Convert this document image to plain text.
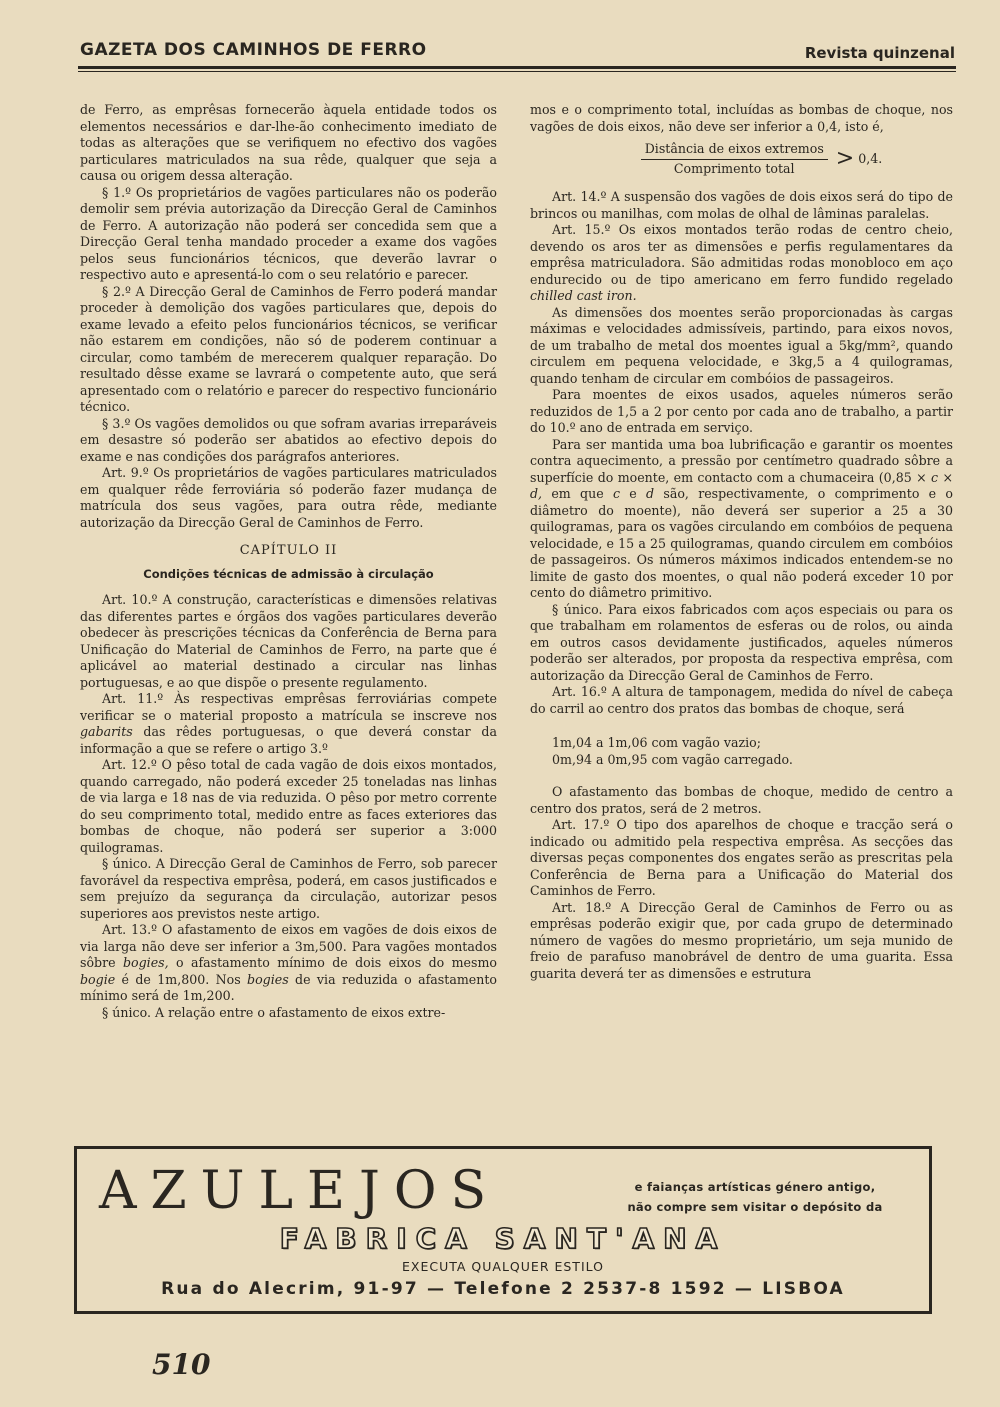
GAZETA DOS CAMINHOS DE FERRO	Revista quinzenal

de Ferro, as emprêsas fornecerão àquela entidade todos os elementos necessários e dar-lhe-ão conhecimento imediato de todas as alterações que se verifiquem no efectivo dos vagões particulares matriculados na sua rêde, qualquer que seja a causa ou origem dessa alteração.

§ 1.º Os proprietários de vagões particulares não os poderão demolir sem prévia autorização da Direcção Geral de Caminhos de Ferro. A autorização não poderá ser concedida sem que a Direcção Geral tenha mandado proceder a exame dos vagões pelos seus funcionários técnicos, que deverão lavrar o respectivo auto e apresentá-lo com o seu relatório e parecer.

§ 2.º A Direcção Geral de Caminhos de Ferro poderá mandar proceder à demolição dos vagões particulares que, depois do exame levado a efeito pelos funcionários técnicos, se verificar não estarem em condições, não só de poderem continuar a circular, como também de merecerem qualquer reparação. Do resultado dêsse exame se lavrará o competente auto, que será apresentado com o relatório e parecer do respectivo funcionário técnico.

§ 3.º Os vagões demolidos ou que sofram avarias irreparáveis em desastre só poderão ser abatidos ao efectivo depois do exame e nas condições dos parágrafos anteriores.

Art. 9.º Os proprietários de vagões particulares matriculados em qualquer rêde ferroviária só poderão fazer mudança de matrícula dos seus vagões, para outra rêde, mediante autorização da Direcção Geral de Caminhos de Ferro.

CAPÍTULO II

Condições técnicas de admissão à circulação

Art. 10.º A construção, características e dimensões relativas das diferentes partes e órgãos dos vagões particulares deverão obedecer às prescrições técnicas da Conferência de Berna para Unificação do Material de Caminhos de Ferro, na parte que é aplicável ao material destinado a circular nas linhas portuguesas, e ao que dispõe o presente regulamento.

Art. 11.º Às respectivas emprêsas ferroviárias compete verificar se o material proposto a matrícula se inscreve nos gabarits das rêdes portuguesas, o que deverá constar da informação a que se refere o artigo 3.º

Art. 12.º O pêso total de cada vagão de dois eixos montados, quando carregado, não poderá exceder 25 toneladas nas linhas de via larga e 18 nas de via reduzida. O pêso por metro corrente do seu comprimento total, medido entre as faces exteriores das bombas de choque, não poderá ser superior a 3:000 quilogramas.

§ único. A Direcção Geral de Caminhos de Ferro, sob parecer favorável da respectiva emprêsa, poderá, em casos justificados e sem prejuízo da segurança da circulação, autorizar pesos superiores aos previstos neste artigo.

Art. 13.º O afastamento de eixos em vagões de dois eixos de via larga não deve ser inferior a 3m,500. Para vagões montados sôbre bogies, o afastamento mínimo de dois eixos do mesmo bogie é de 1m,800. Nos bogies de via reduzida o afastamento mínimo será de 1m,200.

§ único. A relação entre o afastamento de eixos extre-

mos e o comprimento total, incluídas as bombas de choque, nos vagões de dois eixos, não deve ser inferior a 0,4, isto é,

$\frac{\text{Distância de eixos extremos}}{\text{Comprimento total}} > 0,4$.

Art. 14.º A suspensão dos vagões de dois eixos será do tipo de brincos ou manilhas, com molas de olhal de lâminas paralelas.

Art. 15.º Os eixos montados terão rodas de centro cheio, devendo os aros ter as dimensões e perfis regulamentares da emprêsa matriculadora. São admitidas rodas monobloco em aço endurecido ou de tipo americano em ferro fundido regelado chilled cast iron.

As dimensões dos moentes serão proporcionadas às cargas máximas e velocidades admissíveis, partindo, para eixos novos, de um trabalho de metal dos moentes igual a 5kg/mm², quando circulem em pequena velocidade, e 3kg,5 a 4 quilogramas, quando tenham de circular em combóios de passageiros.

Para moentes de eixos usados, aqueles números serão reduzidos de 1,5 a 2 por cento por cada ano de trabalho, a partir do 10.º ano de entrada em serviço.

Para ser mantida uma boa lubrificação e garantir os moentes contra aquecimento, a pressão por centímetro quadrado sôbre a superfície do moente, em contacto com a chumaceira (0,85 × c × d, em que c e d são, respectivamente, o comprimento e o diâmetro do moente), não deverá ser superior a 25 a 30 quilogramas, para os vagões circulando em combóios de pequena velocidade, e 15 a 25 quilogramas, quando circulem em combóios de passageiros. Os números máximos indicados entendem-se no limite de gasto dos moentes, o qual não poderá exceder 10 por cento do diâmetro primitivo.

§ único. Para eixos fabricados com aços especiais ou para os que trabalham em rolamentos de esferas ou de rolos, ou ainda em outros casos devidamente justificados, aqueles números poderão ser alterados, por proposta da respectiva emprêsa, com autorização da Direcção Geral de Caminhos de Ferro.

Art. 16.º A altura de tamponagem, medida do nível de cabeça do carril ao centro dos pratos das bombas de choque, será

1m,04 a 1m,06 com vagão vazio;

0m,94 a 0m,95 com vagão carregado.

O afastamento das bombas de choque, medido de centro a centro dos pratos, será de 2 metros.

Art. 17.º O tipo dos aparelhos de choque e tracção será o indicado ou admitido pela respectiva emprêsa. As secções das diversas peças componentes dos engates serão as prescritas pela Conferência de Berna para a Unificação do Material dos Caminhos de Ferro.

Art. 18.º A Direcção Geral de Caminhos de Ferro ou as emprêsas poderão exigir que, por cada grupo de determinado número de vagões do mesmo proprietário, um seja munido de freio de parafuso manobrável de dentro de uma guarita. Essa guarita deverá ter as dimensões e estrutura

AZULEJOS	e faianças artísticas género antigo,
não compre sem visitar o depósito da
FABRICA SANT'ANA
EXECUTA QUALQUER ESTILO
Rua do Alecrim, 91-97 — Telefone 2 2537-8 1592 — LISBOA
510
